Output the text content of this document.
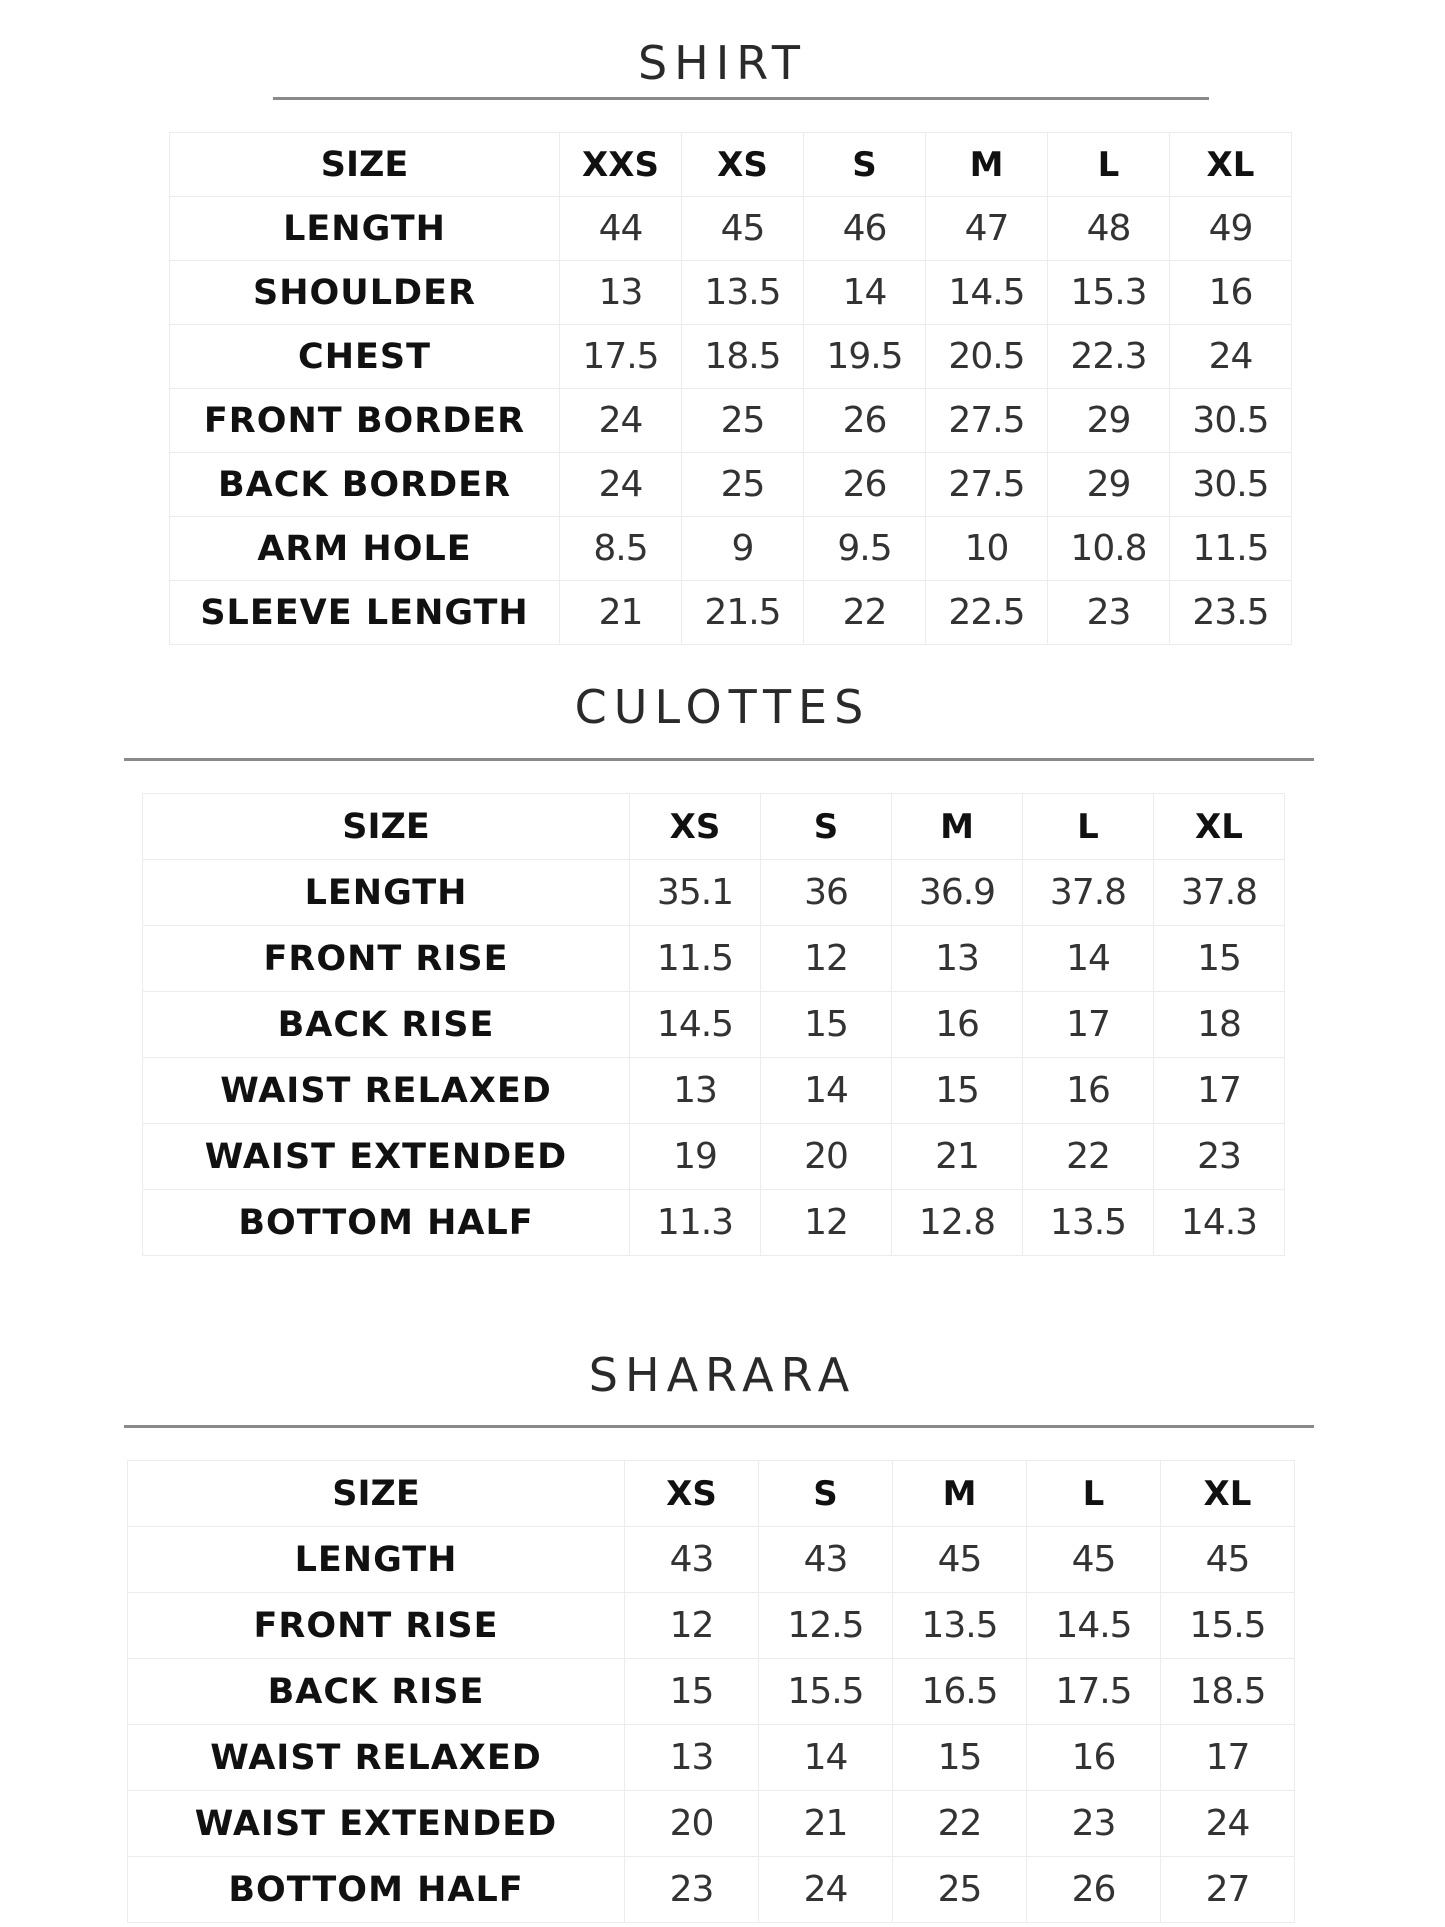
SHIRT
SIZE	XXS	XS	S	M	L	XL
LENGTH	44	45	46	47	48	49
SHOULDER	13	13.5	14	14.5	15.3	16
CHEST	17.5	18.5	19.5	20.5	22.3	24
FRONT BORDER	24	25	26	27.5	29	30.5
BACK BORDER	24	25	26	27.5	29	30.5
ARM HOLE	8.5	9	9.5	10	10.8	11.5
SLEEVE LENGTH	21	21.5	22	22.5	23	23.5
CULOTTES
SIZE	XS	S	M	L	XL
LENGTH	35.1	36	36.9	37.8	37.8
FRONT RISE	11.5	12	13	14	15
BACK RISE	14.5	15	16	17	18
WAIST RELAXED	13	14	15	16	17
WAIST EXTENDED	19	20	21	22	23
BOTTOM HALF	11.3	12	12.8	13.5	14.3
SHARARA
SIZE	XS	S	M	L	XL
LENGTH	43	43	45	45	45
FRONT RISE	12	12.5	13.5	14.5	15.5
BACK RISE	15	15.5	16.5	17.5	18.5
WAIST RELAXED	13	14	15	16	17
WAIST EXTENDED	20	21	22	23	24
BOTTOM HALF	23	24	25	26	27
